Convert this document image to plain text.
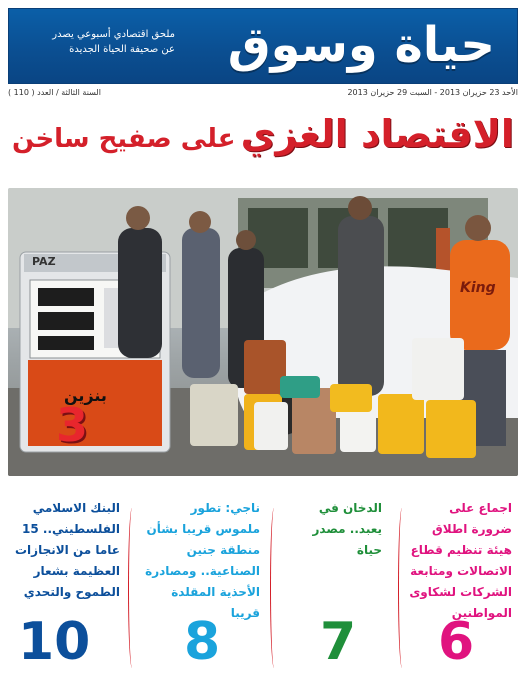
حياة وسوق
ملحق اقتصادي أسبوعي يصدر
عن صحيفة الحياة الجديدة
الأحد 23 حزيران 2013 - السبت 29 حزيران 2013
السنة الثالثة / العدد ( 110 )
الاقتصاد الغزي على صفيح ساخن
PAZ
بنزين
King
3
اجماع على ضرورة اطلاق هيئة تنظيم قطاع الاتصالات ومتابعة الشركات لشكاوى المواطنين
6
الدخان في يعبد.. مصدر حياة
7
ناجي: تطور ملموس قريبا بشأن منطقة جنين الصناعية.. ومصادرة الأحذية المقلدة قريبا
8
البنك الاسلامي الفلسطيني.. 15 عاما من الانجازات العظيمة بشعار الطموح والتحدي
10
